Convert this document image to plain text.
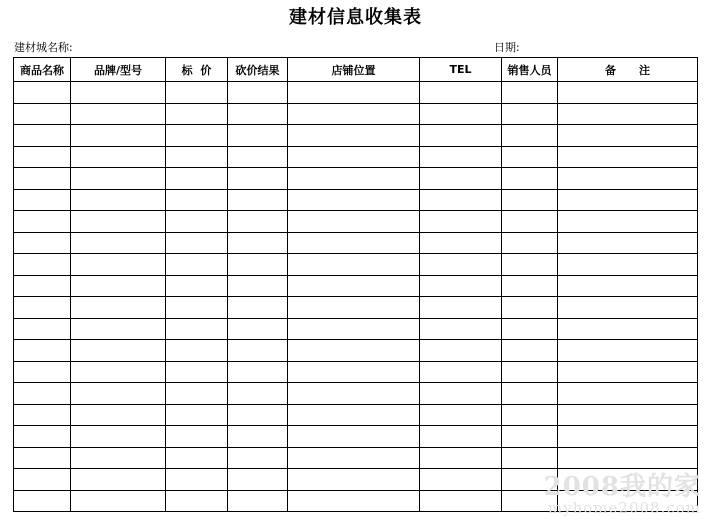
建材信息收集表
建材城名称:	日期:
商品名称	品牌/型号	标  价	砍价结果	店铺位置	TEL	销售人员	备      注

2008我的家
myhome2008.com
